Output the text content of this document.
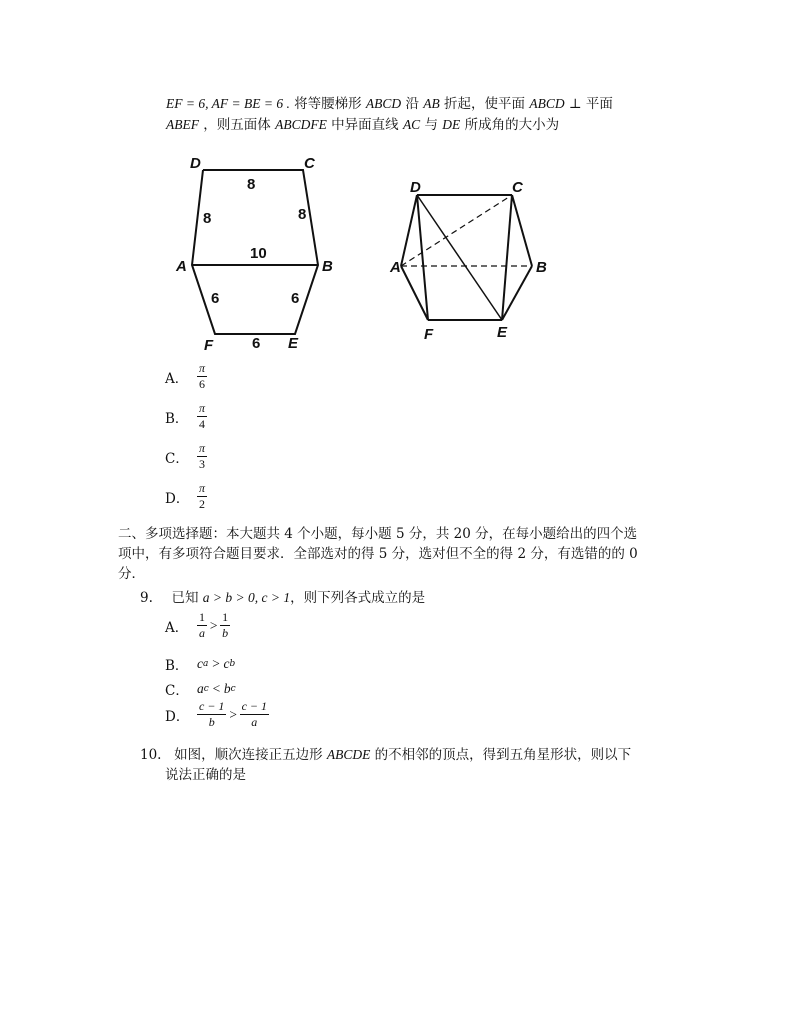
EF = 6, AF = BE = 6 . 将等腰梯形 ABCD 沿 AB 折起，使平面 ABCD ⊥ 平面
ABEF ，则五面体 ABCDFE 中异面直线 AC 与 DE 所成角的大小为
D	C
A	B
F	E
8
8	8
10
6	6
6
D	C
A	B
F	E
A． $\frac{\pi}{6}$
B． $\frac{\pi}{4}$
C． $\frac{\pi}{3}$
D． $\frac{\pi}{2}$
二、多项选择题：本大题共 4 个小题，每小题 5 分，共 20 分，在每小题给出的四个选
项中，有多项符合题目要求．全部选对的得 5 分，选对但不全的得 2 分，有选错的的 0
分．
9. 已知 a > b > 0, c > 1，则下列各式成立的是
A． $\frac{1}{a} > \frac{1}{b}$
B． c a > c b
C． a c < b c
D． $\frac{c - 1}{b} > \frac{c - 1}{a}$
10. 如图，顺次连接正五边形 ABCDE 的不相邻的顶点，得到五角星形状，则以下
说法正确的是
